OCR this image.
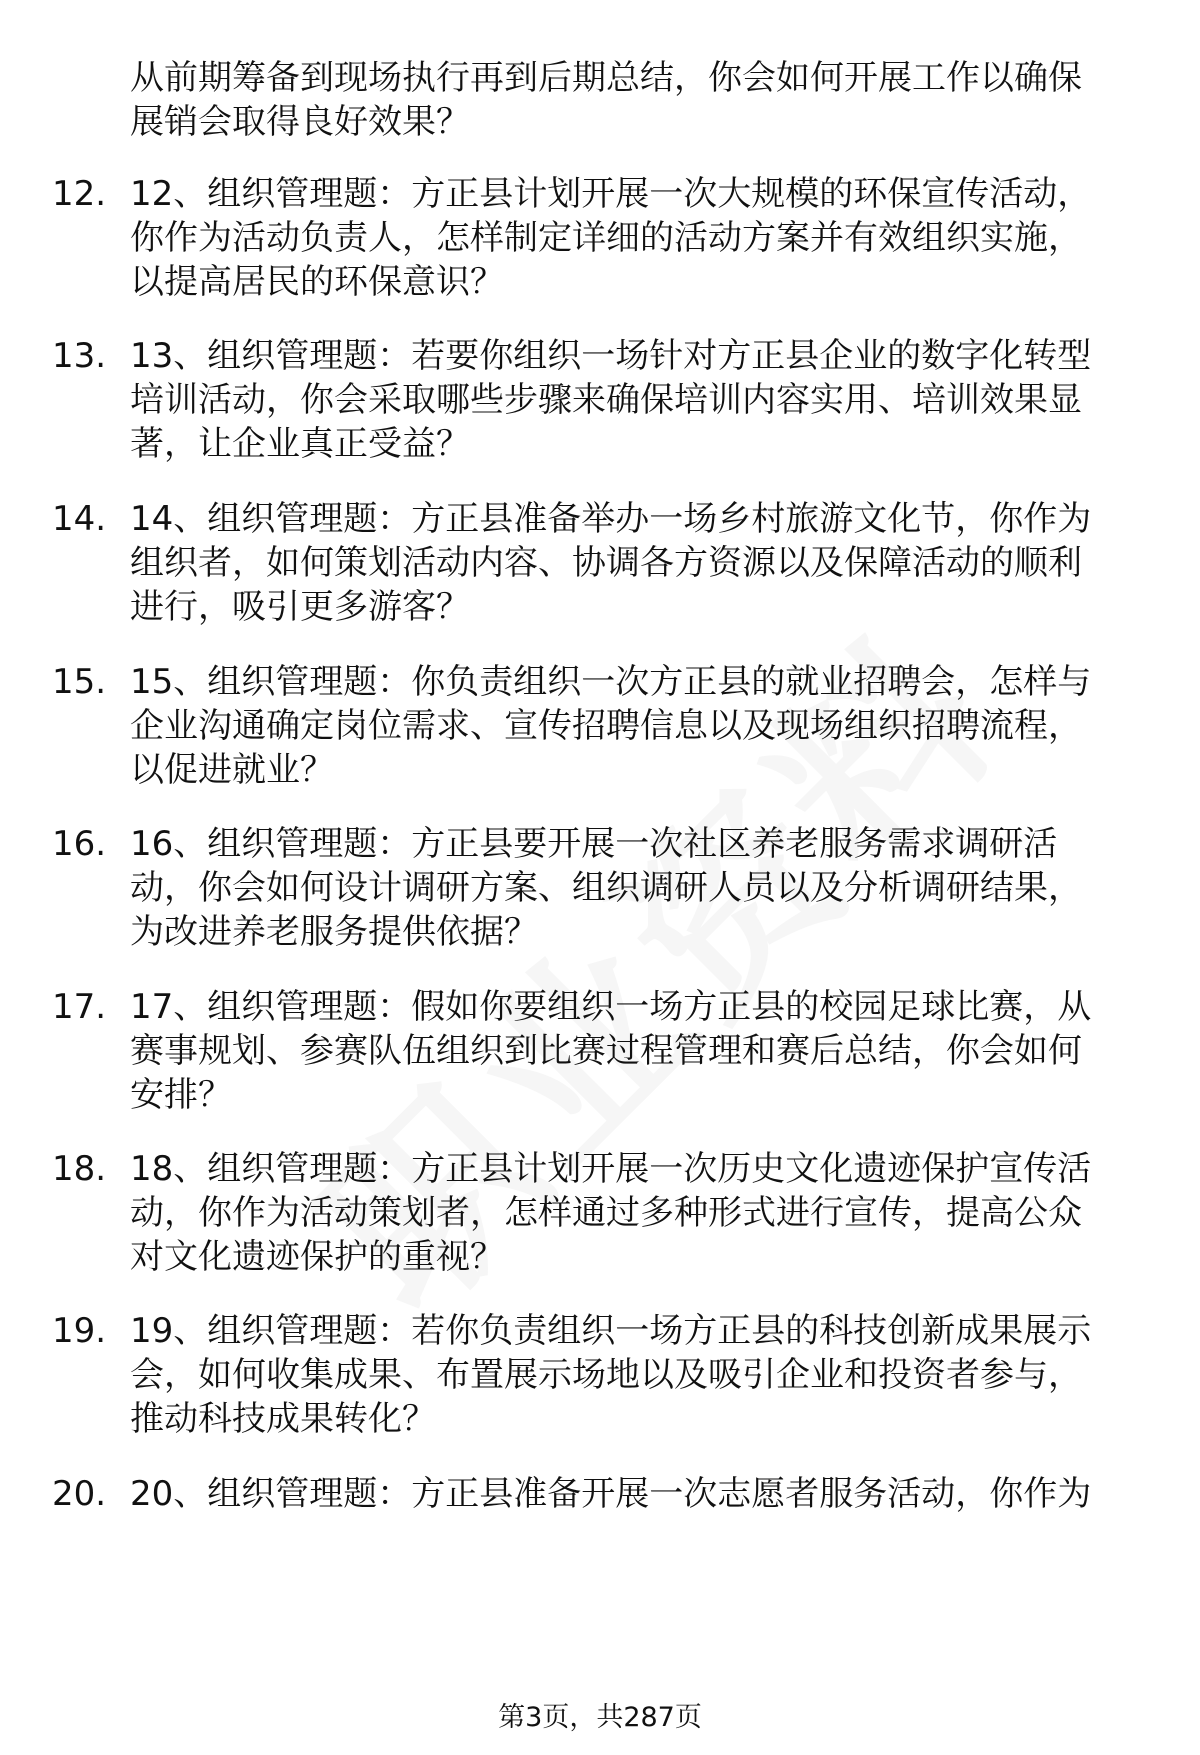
从前期筹备到现场执行再到后期总结，你会如何开展工作以确保
展销会取得良好效果？
12. 12、组织管理题：方正县计划开展一次大规模的环保宣传活动，
你作为活动负责人，怎样制定详细的活动方案并有效组织实施，
以提高居民的环保意识？
13. 13、组织管理题：若要你组织一场针对方正县企业的数字化转型
培训活动，你会采取哪些步骤来确保培训内容实用、培训效果显
著，让企业真正受益？
14. 14、组织管理题：方正县准备举办一场乡村旅游文化节，你作为
组织者，如何策划活动内容、协调各方资源以及保障活动的顺利
进行，吸引更多游客？
15. 15、组织管理题：你负责组织一次方正县的就业招聘会，怎样与
企业沟通确定岗位需求、宣传招聘信息以及现场组织招聘流程，
以促进就业？
16. 16、组织管理题：方正县要开展一次社区养老服务需求调研活
动，你会如何设计调研方案、组织调研人员以及分析调研结果，
为改进养老服务提供依据？
17. 17、组织管理题：假如你要组织一场方正县的校园足球比赛，从
赛事规划、参赛队伍组织到比赛过程管理和赛后总结，你会如何
安排？
18. 18、组织管理题：方正县计划开展一次历史文化遗迹保护宣传活
动，你作为活动策划者，怎样通过多种形式进行宣传，提高公众
对文化遗迹保护的重视？
19. 19、组织管理题：若你负责组织一场方正县的科技创新成果展示
会，如何收集成果、布置展示场地以及吸引企业和投资者参与，
推动科技成果转化？
20. 20、组织管理题：方正县准备开展一次志愿者服务活动，你作为
第3页，共287页
